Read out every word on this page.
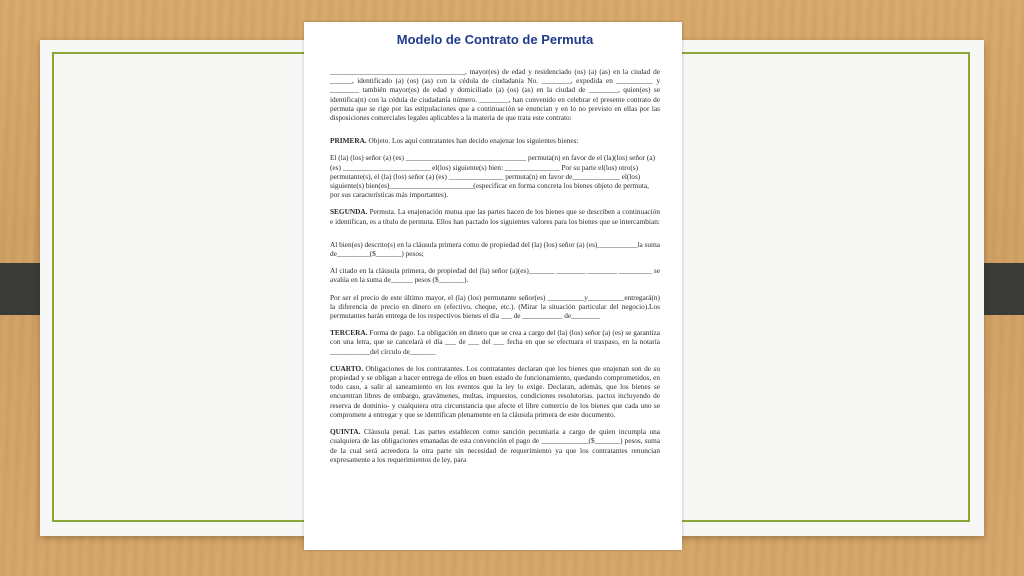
Modelo de Contrato de Permuta

_____________________________________, mayor(es) de edad y residenciado (os) (a) (as) en la ciudad de ______, identificado (a) (os) (as) con la cédula de ciudadanía No. ________, expedida en __________ y ________ también mayor(es) de edad y domiciliado (a) (os) (as) en la ciudad de ________, quien(es) se identifica(n) con la cédula de ciudadanía número. ________, han convenido en celebrar el presente contrato de permuta que se rige por las estipulaciones que a continuación se enuncian y en lo no previsto en ellas por las disposiciones comerciales legales aplicables a la materia de que trata este contrato:

PRIMERA. Objeto. Los aquí contratantes han decido enajenar los siguientes bienes:

El (la) (los) señor (a) (es) _________________________________ permuta(n) en favor de el (la)(los) señor (a)(es) ________________________ el(los) siguiente(s) bien: _______________ Por su parte el(los) otro(s) permutante(s), el (la) (los) señor (a) (es) _______________ permuta(n) en favor de_____________ el(los) siguiente(s) bien(es)_______________________(especificar en forma concreta los bienes objeto de permuta, por sus características más importantes).

SEGUNDA. Permuta. La enajenación mutua que las partes hacen de los bienes que se describen a continuación e identifican, es a título de permuta. Ellos han pactado los siguientes valores para los bienes que se intercambian:

Al bien(es) descrito(s) en la cláusula primera como de propiedad del (la) (los) señor (a) (es)___________la suma de_________($_______) pesos;

Al citado en la cláusula primera, de propiedad del (la) señor (a)(es)_______ ________ ________ _________ se avalúa en la suma de______ pesos ($_______).

Por ser el precio de este último mayor, el (la) (los) permutante señor(es) __________y__________entregará(n) la diferencia de precio en dinero en (efectivo, cheque, etc.). (Mirar la situación particular del negocio).Los permutantes harán entrega de los respectivos bienes el día ___ de ___________ de________

TERCERA. Forma de pago. La obligación en dinero que se crea a cargo del (la) (los) señor (a) (es) se garantiza con una letra, que se cancelará el día ___ de ___ del ___ fecha en que se efectuara el traspaso, en la notaría ___________del círculo de_______

CUARTO. Obligaciones de los contratantes. Los contratantes declaran que los bienes que enajenan son de su propiedad y se obligan a hacer entrega de ellos en buen estado de funcionamiento, quedando comprometidos, en todo caso, a salir al saneamiento en los eventos que la ley lo exige. Declaran, además, que los bienes se encuentran libres de embargo, gravámenes, multas, impuestos, condiciones resolutorias. pactos incluyendo de reserva de dominio- y cualquiera otra circunstancia que afecte el libre comercio de los bienes que cada uno se compromete a entregar y que se identifican plenamente en la cláusula primera de este documento.

QUINTA. Cláusula penal. Las partes establecen como sanción pecuniaria a cargo de quien incumpla una cualquiera de las obligaciones emanadas de esta convención el pago de _____________($_______) pesos, suma de la cual será acreedora la otra parte sin necesidad de requerimiento ya que los contratantes renuncian expresamente a los requerimientos de ley, para
